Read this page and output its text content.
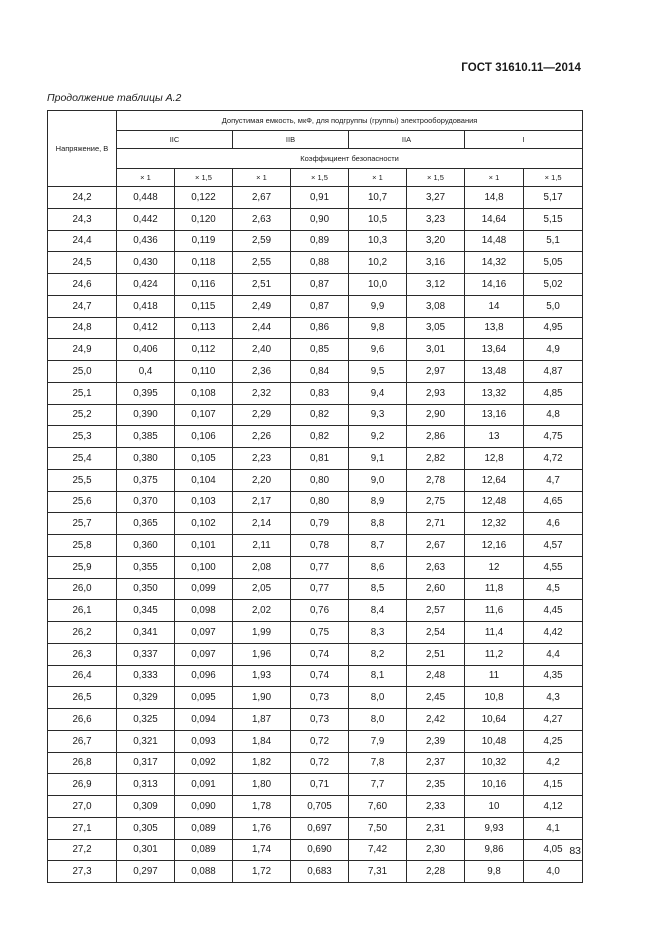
ГОСТ 31610.11—2014
Продолжение таблицы А.2
Напряжение, В	Допустимая емкость, мкФ, для подгруппы (группы) электрооборудования							
	IIC		IIB		IIA		I	
	Коэффициент безопасности							
	× 1	× 1,5	× 1	× 1,5	× 1	× 1,5	× 1	× 1,5
24,2	0,448	0,122	2,67	0,91	10,7	3,27	14,8	5,17
24,3	0,442	0,120	2,63	0,90	10,5	3,23	14,64	5,15
24,4	0,436	0,119	2,59	0,89	10,3	3,20	14,48	5,1
24,5	0,430	0,118	2,55	0,88	10,2	3,16	14,32	5,05
24,6	0,424	0,116	2,51	0,87	10,0	3,12	14,16	5,02
24,7	0,418	0,115	2,49	0,87	9,9	3,08	14	5,0
24,8	0,412	0,113	2,44	0,86	9,8	3,05	13,8	4,95
24,9	0,406	0,112	2,40	0,85	9,6	3,01	13,64	4,9
25,0	0,4	0,110	2,36	0,84	9,5	2,97	13,48	4,87
25,1	0,395	0,108	2,32	0,83	9,4	2,93	13,32	4,85
25,2	0,390	0,107	2,29	0,82	9,3	2,90	13,16	4,8
25,3	0,385	0,106	2,26	0,82	9,2	2,86	13	4,75
25,4	0,380	0,105	2,23	0,81	9,1	2,82	12,8	4,72
25,5	0,375	0,104	2,20	0,80	9,0	2,78	12,64	4,7
25,6	0,370	0,103	2,17	0,80	8,9	2,75	12,48	4,65
25,7	0,365	0,102	2,14	0,79	8,8	2,71	12,32	4,6
25,8	0,360	0,101	2,11	0,78	8,7	2,67	12,16	4,57
25,9	0,355	0,100	2,08	0,77	8,6	2,63	12	4,55
26,0	0,350	0,099	2,05	0,77	8,5	2,60	11,8	4,5
26,1	0,345	0,098	2,02	0,76	8,4	2,57	11,6	4,45
26,2	0,341	0,097	1,99	0,75	8,3	2,54	11,4	4,42
26,3	0,337	0,097	1,96	0,74	8,2	2,51	11,2	4,4
26,4	0,333	0,096	1,93	0,74	8,1	2,48	11	4,35
26,5	0,329	0,095	1,90	0,73	8,0	2,45	10,8	4,3
26,6	0,325	0,094	1,87	0,73	8,0	2,42	10,64	4,27
26,7	0,321	0,093	1,84	0,72	7,9	2,39	10,48	4,25
26,8	0,317	0,092	1,82	0,72	7,8	2,37	10,32	4,2
26,9	0,313	0,091	1,80	0,71	7,7	2,35	10,16	4,15
27,0	0,309	0,090	1,78	0,705	7,60	2,33	10	4,12
27,1	0,305	0,089	1,76	0,697	7,50	2,31	9,93	4,1
27,2	0,301	0,089	1,74	0,690	7,42	2,30	9,86	4,05
27,3	0,297	0,088	1,72	0,683	7,31	2,28	9,8	4,0
83
